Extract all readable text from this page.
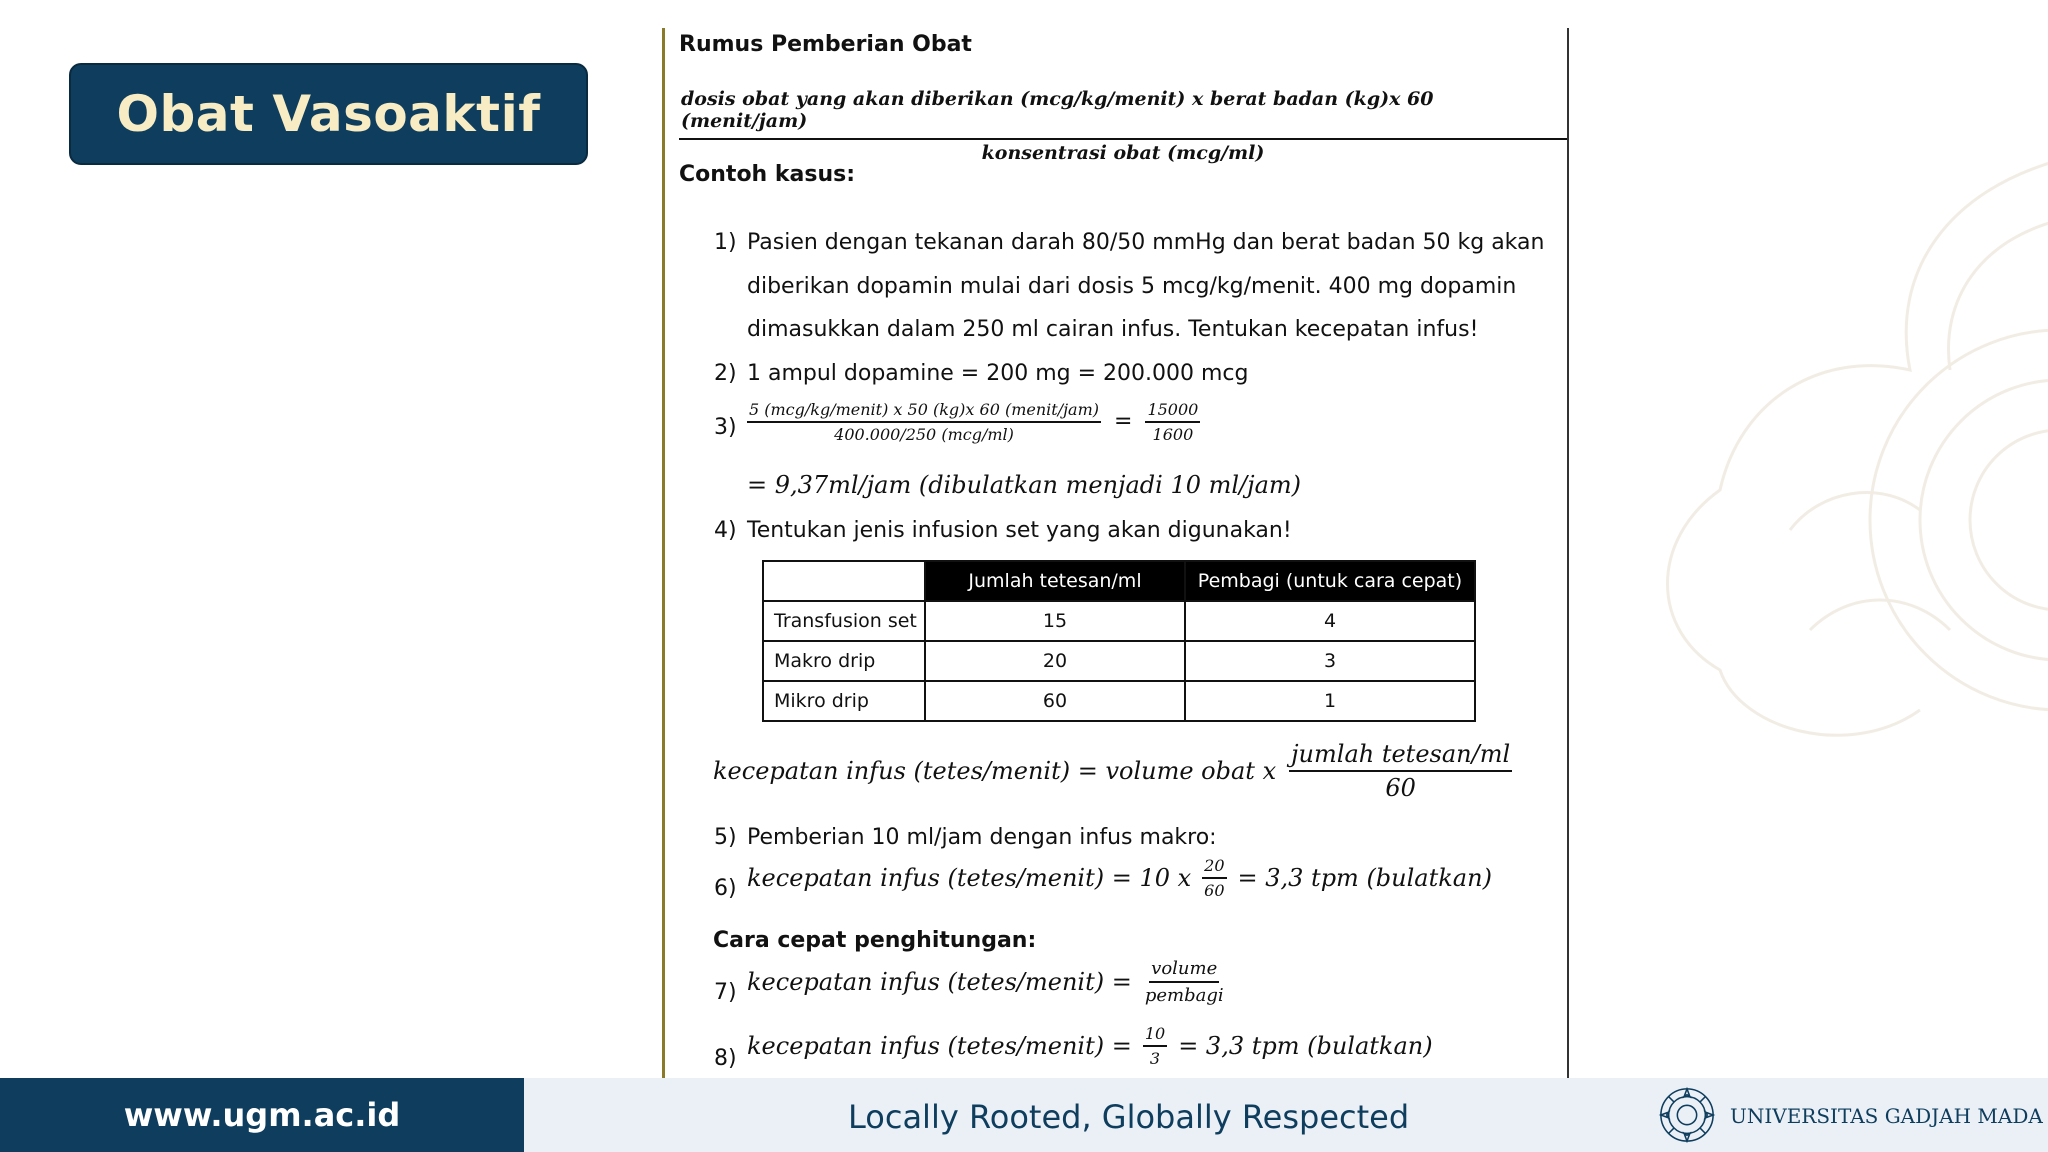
Obat Vasoaktif
Rumus Pemberian Obat
dosis obat yang akan diberikan (mcg/kg/menit) x berat badan (kg)x 60 (menit/jam)
konsentrasi obat (mcg/ml)
Contoh kasus:
1) Pasien dengan tekanan darah 80/50 mmHg dan berat badan 50 kg akan
diberikan dopamin mulai dari dosis 5 mcg/kg/menit. 400 mg dopamin
dimasukkan dalam 250 ml cairan infus. Tentukan kecepatan infus!
2) 1 ampul dopamine = 200 mg = 200.000 mcg
$3) \frac{\text{5 (mcg/kg/menit) x 50 (kg)x 60 (menit/jam)}}{\text{400.000/250 (mcg/ml)}} = \frac{15000}{1600}$
= 9,37ml/jam (dibulatkan menjadi 10 ml/jam)
4) Tentukan jenis infusion set yang akan digunakan!
	Jumlah tetesan/ml	Pembagi (untuk cara cepat)
Transfusion set	15	4
Makro drip	20	3
Mikro drip	60	1
kecepatan infus (tetes/menit) = volume obat x $\frac{\text{jumlah tetesan/ml}}{60}$
5) Pemberian 10 ml/jam dengan infus makro:
6) kecepatan infus (tetes/menit) = 10 x $\frac{20}{60} = 3,3$ tpm (bulatkan)
Cara cepat penghitungan:
7) kecepatan infus (tetes/menit) = $\frac{\text{volume}}{\text{pembagi}}$
8) kecepatan infus (tetes/menit) = $\frac{10}{3} = 3,3$ tpm (bulatkan)
www.ugm.ac.id	Locally Rooted, Globally Respected	UNIVERSITAS GADJAH MADA
